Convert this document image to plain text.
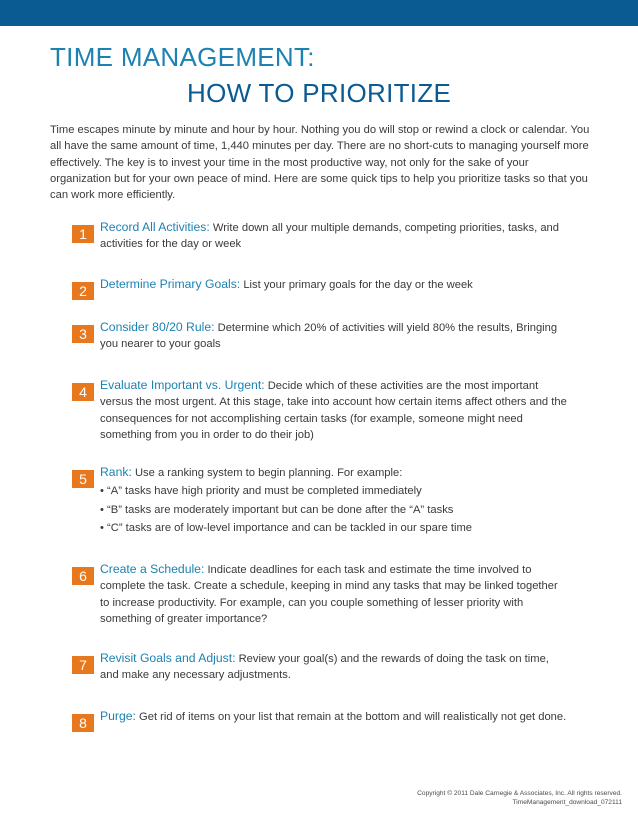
TIME MANAGEMENT:
HOW TO PRIORITIZE

Time escapes minute by minute and hour by hour. Nothing you do will stop or rewind a clock or calendar. You all have the same amount of time, 1,440 minutes per day. There are no short-cuts to managing yourself more effectively. The key is to invest your time in the most productive way, not only for the sake of your organization but for your own peace of mind. Here are some quick tips to help you prioritize tasks so that you can work more efficiently.

1	Record All Activities: Write down all your multiple demands, competing priorities, tasks, and activities for the day or week
2	Determine Primary Goals: List your primary goals for the day or the week
3	Consider 80/20 Rule: Determine which 20% of activities will yield 80% the results, Bringing you nearer to your goals
4	Evaluate Important vs. Urgent: Decide which of these activities are the most important versus the most urgent. At this stage, take into account how certain items affect others and the consequences for not accomplishing certain tasks (for example, someone might need something from you in order to do their job)
5	Rank: Use a ranking system to begin planning. For example:
• “A” tasks have high priority and must be completed immediately
• “B” tasks are moderately important but can be done after the “A” tasks
• “C” tasks are of low-level importance and can be tackled in our spare time
6	Create a Schedule: Indicate deadlines for each task and estimate the time involved to complete the task. Create a schedule, keeping in mind any tasks that may be linked together to increase productivity. For example, can you couple something of lesser priority with something of greater importance?
7	Revisit Goals and Adjust: Review your goal(s) and the rewards of doing the task on time, and make any necessary adjustments.
8	Purge: Get rid of items on your list that remain at the bottom and will realistically not get done.
Copyright © 2011 Dale Carnegie & Associates, Inc. All rights reserved.
TimeManagement_download_072111
